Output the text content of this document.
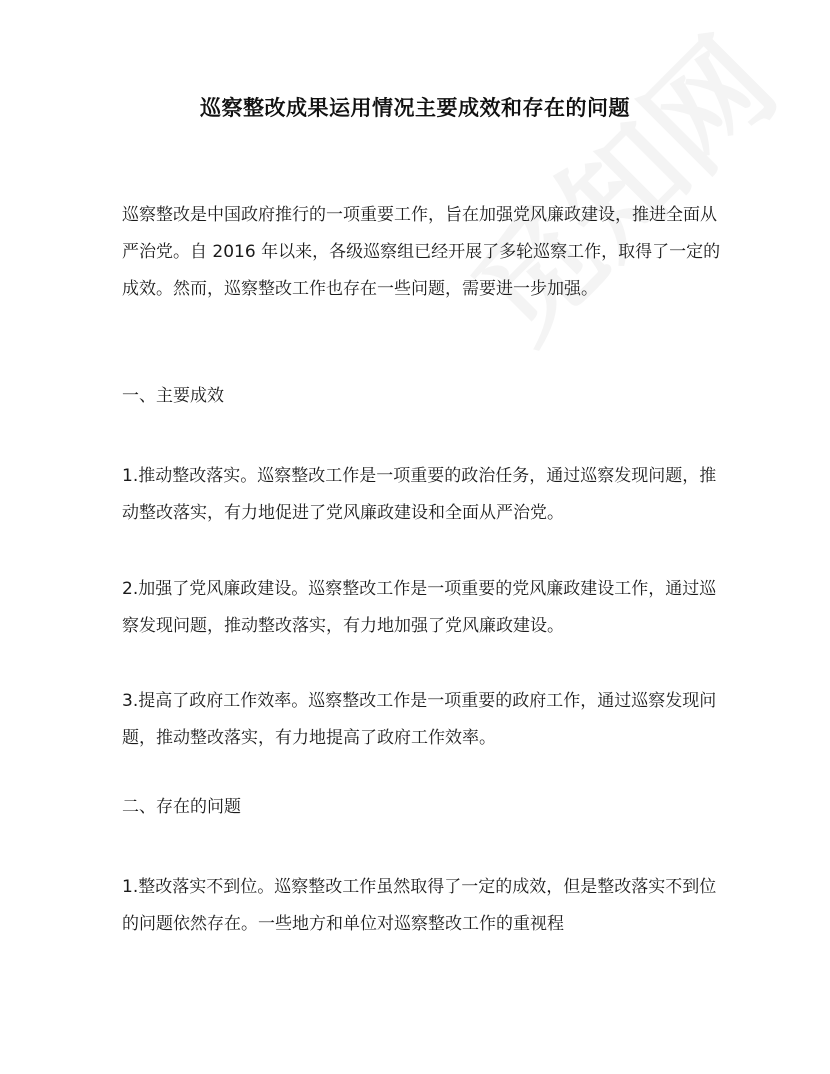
巡察整改成果运用情况主要成效和存在的问题
巡察整改是中国政府推行的一项重要工作，旨在加强党风廉政建设，推进全面从严治党。自 2016 年以来，各级巡察组已经开展了多轮巡察工作，取得了一定的成效。然而，巡察整改工作也存在一些问题，需要进一步加强。
一、主要成效
1.推动整改落实。巡察整改工作是一项重要的政治任务，通过巡察发现问题，推动整改落实，有力地促进了党风廉政建设和全面从严治党。
2.加强了党风廉政建设。巡察整改工作是一项重要的党风廉政建设工作，通过巡察发现问题，推动整改落实，有力地加强了党风廉政建设。
3.提高了政府工作效率。巡察整改工作是一项重要的政府工作，通过巡察发现问题，推动整改落实，有力地提高了政府工作效率。
二、存在的问题
1.整改落实不到位。巡察整改工作虽然取得了一定的成效，但是整改落实不到位的问题依然存在。一些地方和单位对巡察整改工作的重视程
